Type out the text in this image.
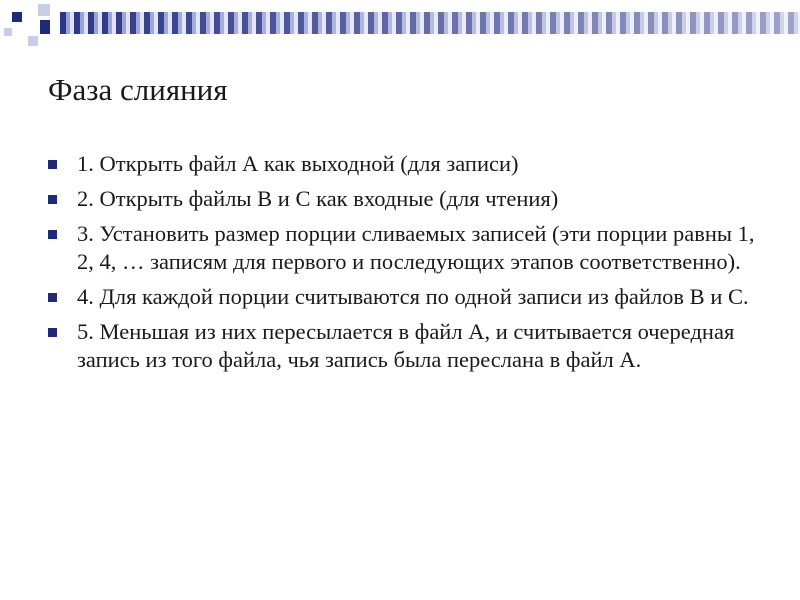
Фаза слияния
1. Открыть файл А как выходной (для записи)
2. Открыть файлы B и C как входные (для чтения)
3. Установить размер порции сливаемых записей (эти порции равны 1, 2, 4, … записям для первого и последующих этапов соответственно).
4. Для каждой порции считываются по одной записи из файлов B и C.
5. Меньшая из них пересылается в файл A, и считывается очередная запись из того файла, чья запись была переслана в файл A.
